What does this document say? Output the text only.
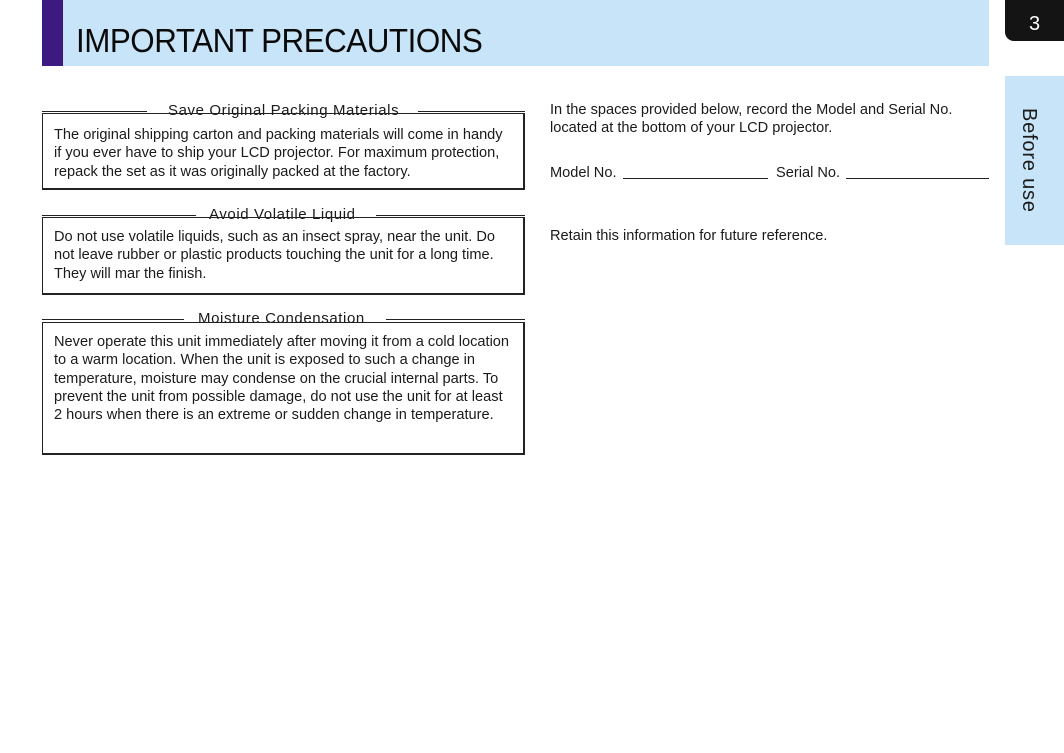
IMPORTANT PRECAUTIONS	3
Before use
Save Original Packing Materials
The original shipping carton and packing materials will come in handy if you ever have to ship your LCD projector. For maximum protection, repack the set as it was originally packed at the factory.
Avoid Volatile Liquid
Do not use volatile liquids, such as an insect spray, near the unit. Do not leave rubber or plastic products touching the unit for a long time. They will mar the finish.
Moisture Condensation
Never operate this unit immediately after moving it from a cold location to a warm location. When the unit is exposed to such a change in temperature, moisture may condense on the crucial internal parts. To prevent the unit from possible damage, do not use the unit for at least 2 hours when there is an extreme or sudden change in temperature.
In the spaces provided below, record the Model and Serial No. located at the bottom of your LCD projector.
Model No.	Serial No.
Retain this information for future reference.
